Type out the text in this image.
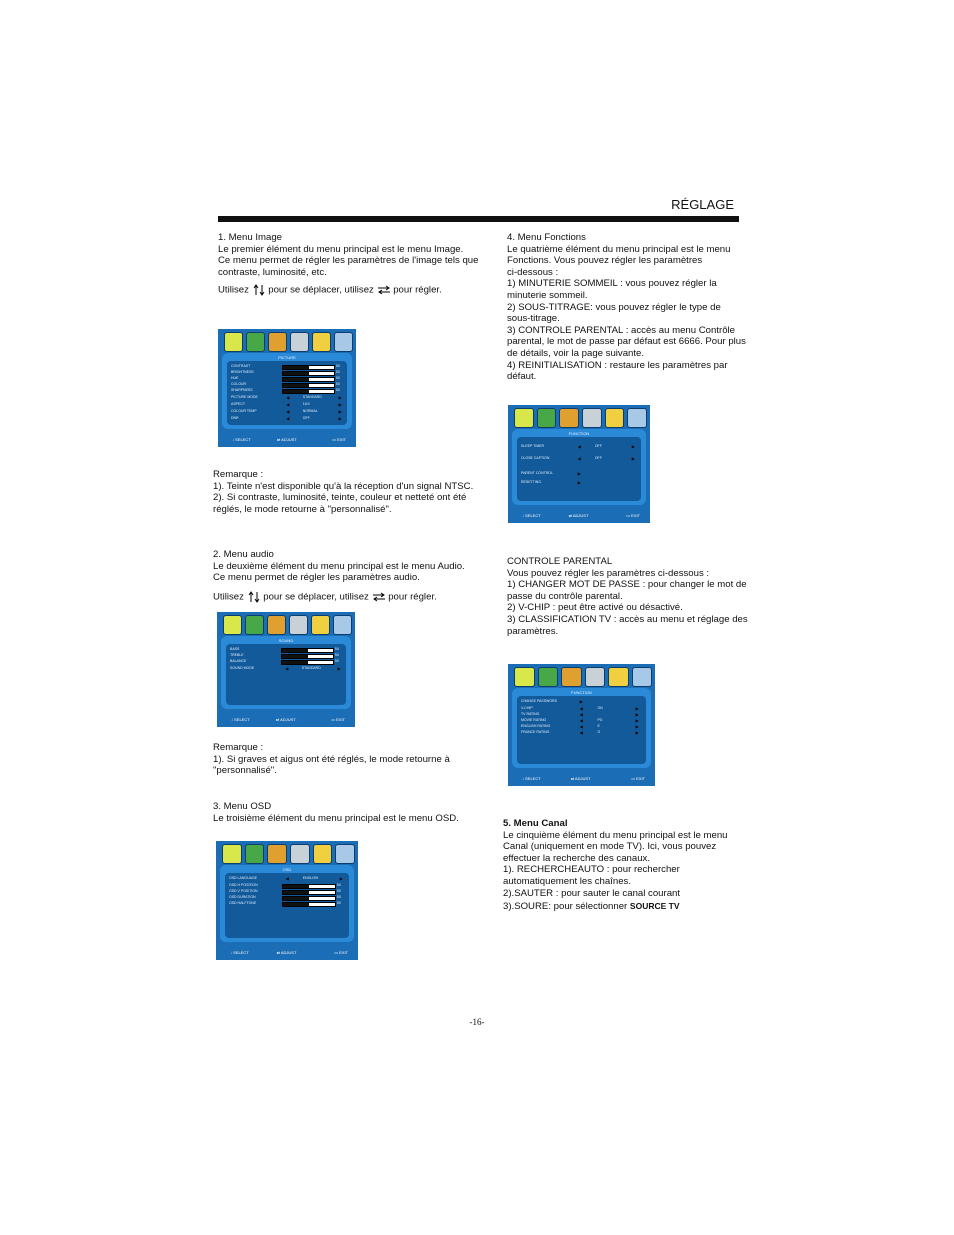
RÉGLAGE

1. Menu Image

Le premier élément du menu principal est le menu Image.

Ce menu permet de régler les paramètres de l'image tels que

contraste, luminosité, etc.

Utilisez pour se déplacer, utilisez pour régler.
PICTURE
CONTRAST	50
BRIGHTNESS	50
HUE	50
COLOUR	50
SHARPNESS	50
PICTURE MODE	◀	STANDARD	▶
ASPECT	◀	16:9	▶
COLOUR TEMP	◀	NORMAL	▶
DNR	◀	OFF	▶
↓ SELECT	⇄ ADJUST	▭ EXIT

Remarque :

1). Teinte n'est disponible qu'à la réception d'un signal NTSC.

2). Si contraste, luminosité, teinte, couleur et netteté ont été

réglés, le mode retourne à "personnalisé".

2. Menu audio

Le deuxième élément du menu principal est le menu Audio.

Ce menu permet de régler les paramètres audio.

Utilisez pour se déplacer, utilisez pour régler.
SOUND
BASS	50
TREBLE	50
BALANCE	50
SOUND MODE	◀	STANDARD	▶
↓ SELECT	⇄ ADJUST	▭ EXIT

Remarque :

1). Si graves et aigus ont été réglés, le mode retourne à

"personnalisé".

3. Menu OSD

Le troisième élément du menu principal est le menu OSD.

OSD
OSD LANGUAGE	◀	ENGLISH	▶
OSD H POSITION	50
OSD V POSITION	50
OSD DURATION	50
OSD HALFTONE	50
↓ SELECT	⇄ ADJUST	▭ EXIT

4. Menu Fonctions

Le quatrième élément du menu principal est le menu

Fonctions. Vous pouvez régler les paramètres

ci-dessous :

1) MINUTERIE SOMMEIL : vous pouvez régler la

minuterie sommeil.

2) SOUS-TITRAGE: vous pouvez régler le type de

sous-titrage.

3) CONTROLE PARENTAL : accès au menu Contrôle

parental, le mot de passe par défaut est 6666. Pour plus

de détails, voir la page suivante.

4) REINITIALISATION : restaure les paramètres par

défaut.

FUNCTION
SLEEP TIMER	◀	OFF	▶
CLOSE CAPTION	◀	OFF	▶
PARENT CONTROL	▶
RESETTING	▶
↓ SELECT	⇄ ADJUST	▭ EXIT

CONTROLE PARENTAL

Vous pouvez régler les paramètres ci-dessous :

1) CHANGER MOT DE PASSE : pour changer le mot de

passe du contrôle parental.

2) V-CHIP : peut être activé ou désactivé.

3) CLASSIFICATION TV : accès au menu et réglage des

paramètres.

FUNCTION
CHANGE PASSWORD	▶
V-CHIP	◀	ON	▶
TV RATING	◀	▶
MOVIE RATING	◀	PG	▶
ENGLISH RATING	◀	E	▶
FRANCE RATING	◀	G	▶
↓ SELECT	⇄ ADJUST	▭ EXIT

5. Menu Canal

Le cinquième élément du menu principal est le menu

Canal (uniquement en mode TV). Ici, vous pouvez

effectuer la recherche des canaux.

1). RECHERCHEAUTO : pour rechercher

automatiquement les chaînes.

2).SAUTER : pour sauter le canal courant

3).SOURE: pour sélectionner SOURCE TV

-16-
